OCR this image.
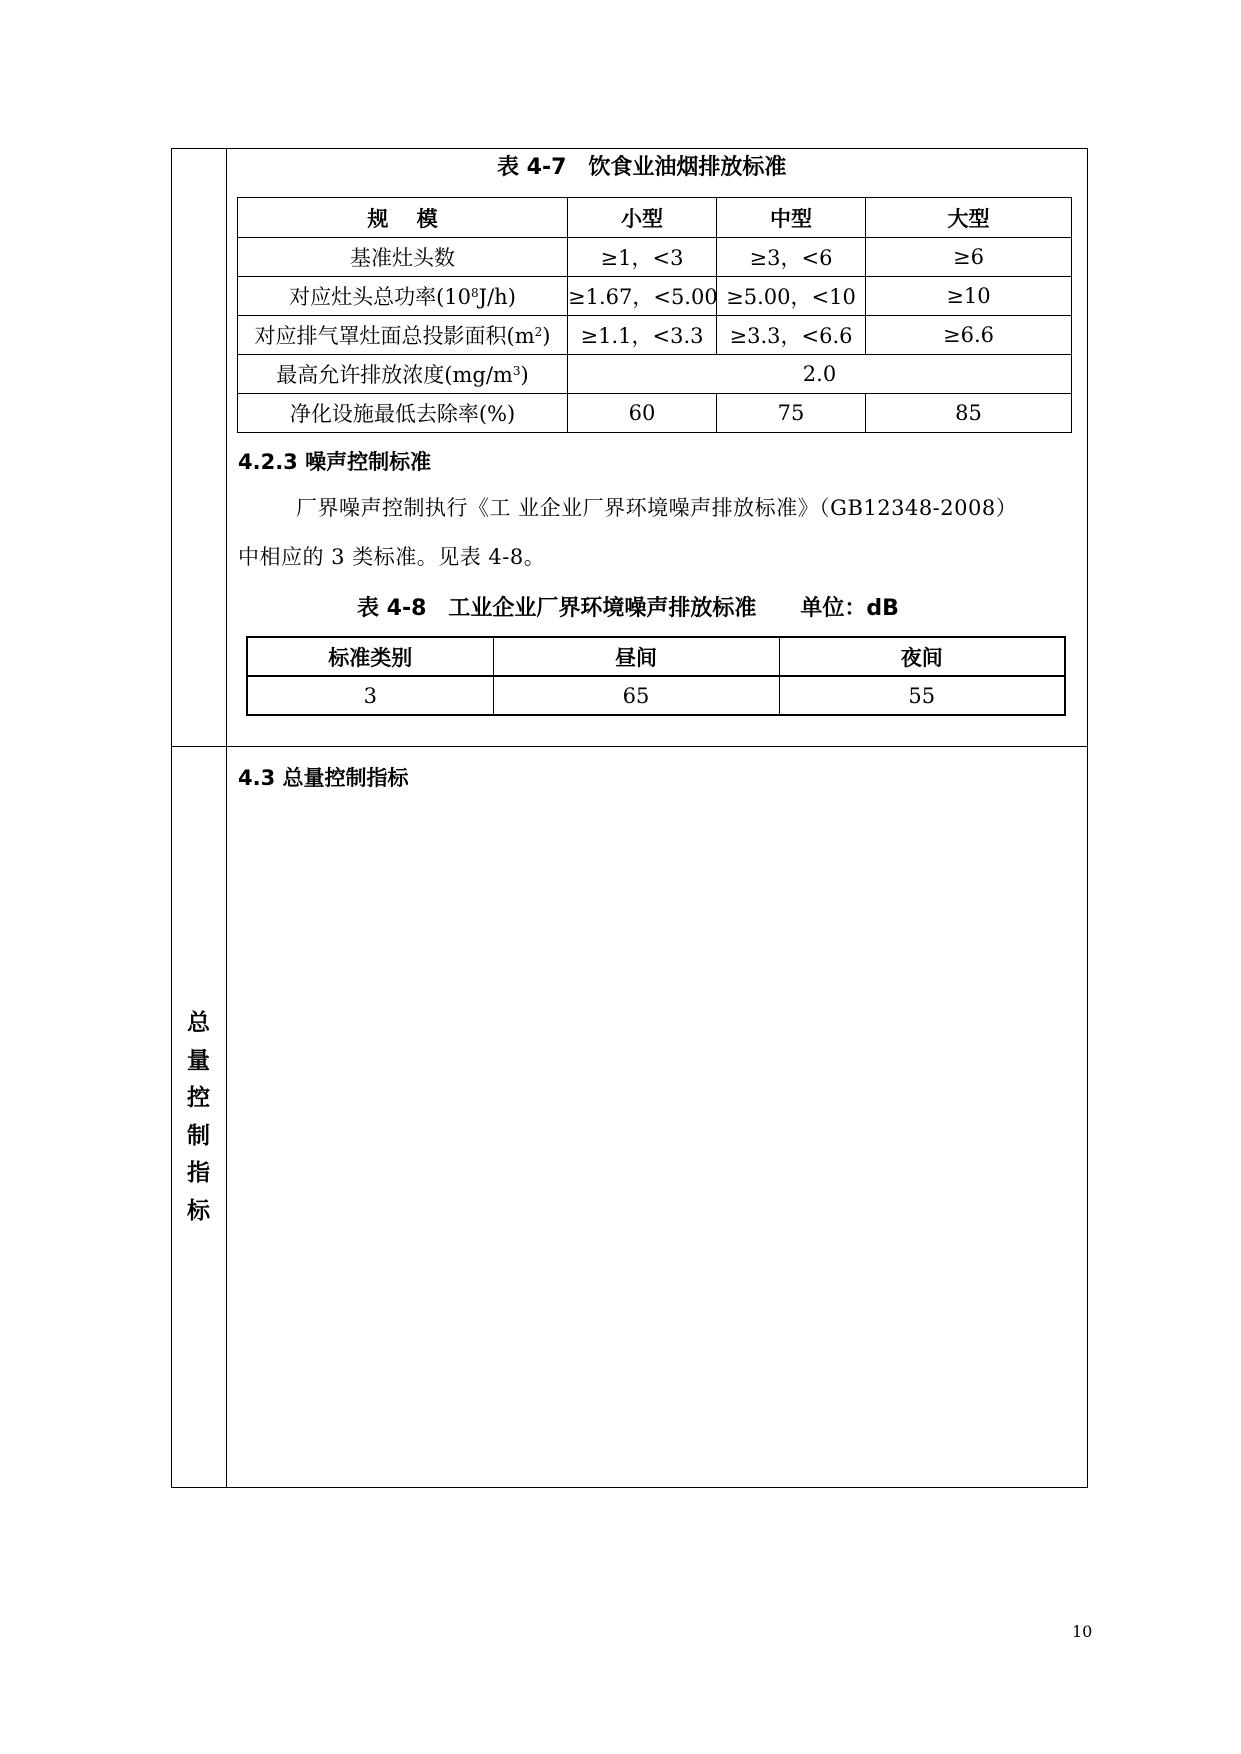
表 4-7　饮食业油烟排放标准
规　 模	小型	中型	大型
基准灶头数	≥1，<3	≥3，<6	≥6
对应灶头总功率$(10^8J/h)$	≥1.67，<5.00	≥5.00，<10	≥10
对应排气罩灶面总投影面积$(m^2)$	≥1.1，<3.3	≥3.3，<6.6	≥6.6
最高允许排放浓度$(mg/m^3)$	2.0		
净化设施最低去除率(%)	60	75	85
4.2.3 噪声控制标准
厂界噪声控制执行《工 业企业厂界环境噪声排放标准》（GB12348-2008）
中相应的 3 类标准。见表 4-8。
表 4-8　工业企业厂界环境噪声排放标准　　单位：dB
标准类别	昼间	夜间
3	65	55
4.3 总量控制指标
总
量
控
制
指
标
10
